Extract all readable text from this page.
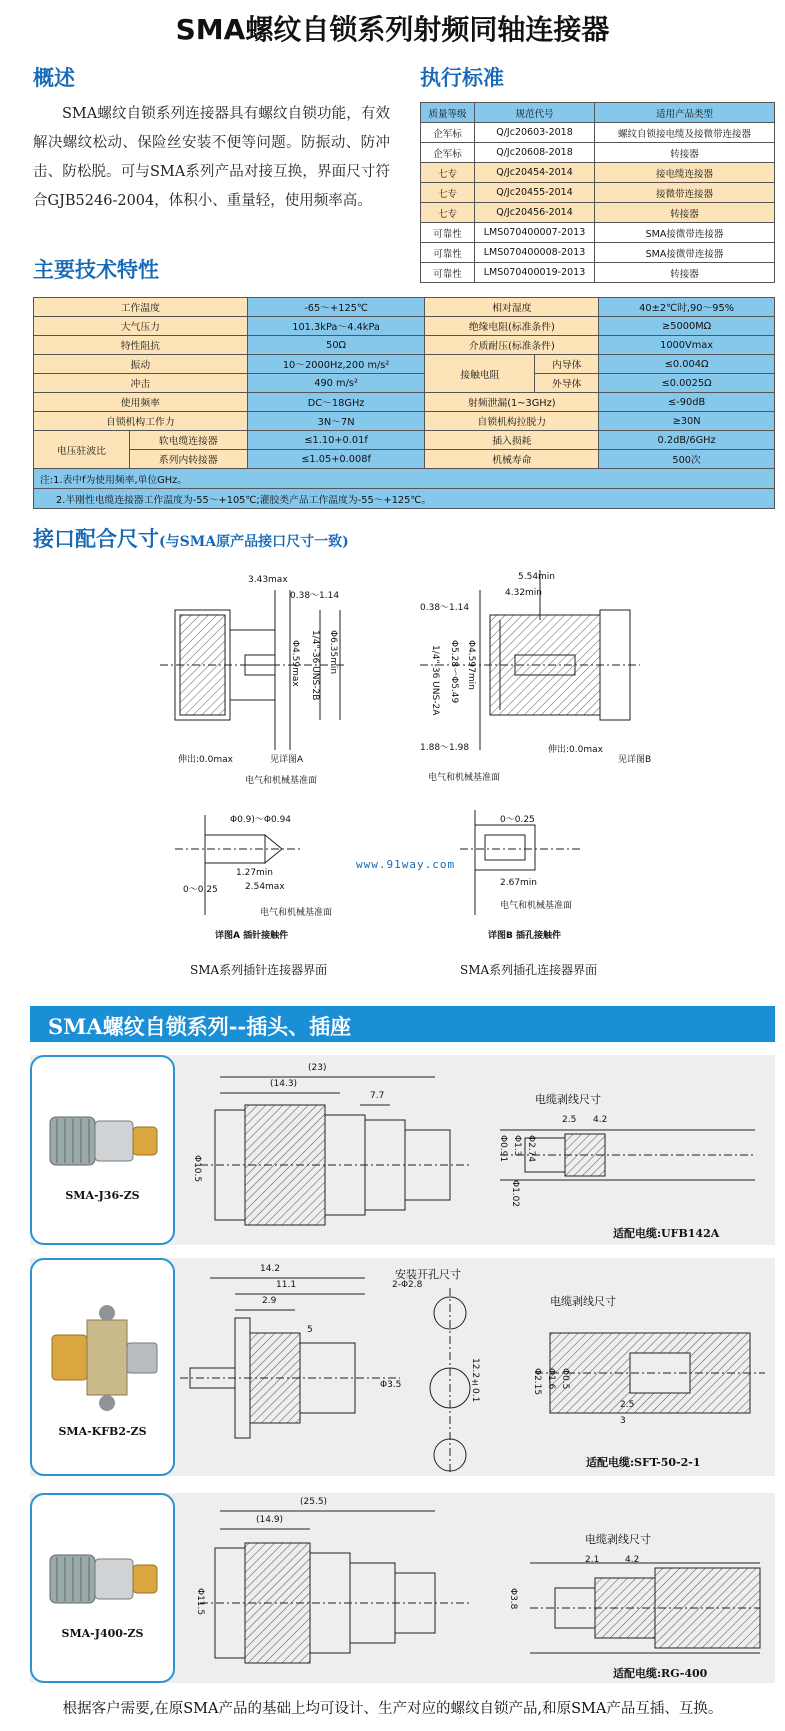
SMA螺纹自锁系列射频同轴连接器
概述
SMA螺纹自锁系列连接器具有螺纹自锁功能，有效解决螺纹松动、保险丝安装不便等问题。防振动、防冲击、防松脱。可与SMA系列产品对接互换，界面尺寸符合GJB5246-2004，体积小、重量轻，使用频率高。
执行标准
质量等级	规范代号	适用产品类型
企军标	Q/Jc20603-2018	螺纹自锁接电缆及接微带连接器
企军标	Q/Jc20608-2018	转接器
七专	Q/Jc20454-2014	接电缆连接器
七专	Q/Jc20455-2014	接微带连接器
七专	Q/Jc20456-2014	转接器
可靠性	LMS070400007-2013	SMA接微带连接器
可靠性	LMS070400008-2013	SMA接微带连接器
可靠性	LMS070400019-2013	转接器
主要技术特性
工作温度		-65～+125℃	相对湿度		40±2℃时,90～95%
大气压力		101.3kPa～4.4kPa	绝缘电阻(标准条件)		≥5000MΩ
特性阻抗		50Ω	介质耐压(标准条件)		1000Vmax
振动		10～2000Hz,200 m/s²	接触电阻	内导体	≤0.004Ω
冲击		490 m/s²		外导体	≤0.0025Ω
使用频率		DC～18GHz	射频泄漏(1~3GHz)		≤-90dB
自锁机构工作力		3N～7N	自锁机构拉脱力		≥30N
电压驻波比	软电缆连接器	≤1.10+0.01f	插入损耗		0.2dB/6GHz
	系列内转接器	≤1.05+0.008f	机械寿命		500次
注:1.表中f为使用频率,单位GHz。					
2.半刚性电缆连接器工作温度为-55～+105℃;灌胶类产品工作温度为-55～+125℃。					
接口配合尺寸(与SMA原产品接口尺寸一致)
3.43max
0.38～1.14
Φ4.59max 1/4"-36 UNS-2B Φ6.35min
5.54min
4.32min
0.38～1.14
1/4"-36 UNS-2A Φ5.28～Φ5.49 Φ4.597min
1.88～1.98
伸出:0.0max
伸出:0.0max
见详图A	见详图B
电气和机械基准面	电气和机械基准面
Φ0.9)～Φ0.94
1.27min
0～0.25	2.54max
0～0.25
2.67min
电气和机械基准面
电气和机械基准面
详图A 插针接触件	详图B 插孔接触件
SMA系列插针连接器界面	SMA系列插孔连接器界面
www.91way.com
SMA螺纹自锁系列--插头、插座
SMA-J36-ZS
(23)
(14.3)
7.7
Φ10.5
电缆剥线尺寸
2.5 4.2
Φ0.91 Φ1.3 Φ2.74
Φ1.02
适配电缆:UFB142A
SMA-KFB2-ZS
14.2
11.1
2.9
5
安装开孔尺寸
2-Φ2.8
Φ3.5	12.2±0.1
电缆剥线尺寸
Φ2.15 Φ1.6 Φ0.5
2.5
3
适配电缆:SFT-50-2-1
SMA-J400-ZS
(25.5)
(14.9)
Φ11.5
电缆剥线尺寸
2.1	4.2
Φ3.8
适配电缆:RG-400
根据客户需要,在原SMA产品的基础上均可设计、生产对应的螺纹自锁产品,和原SMA产品互插、互换。
